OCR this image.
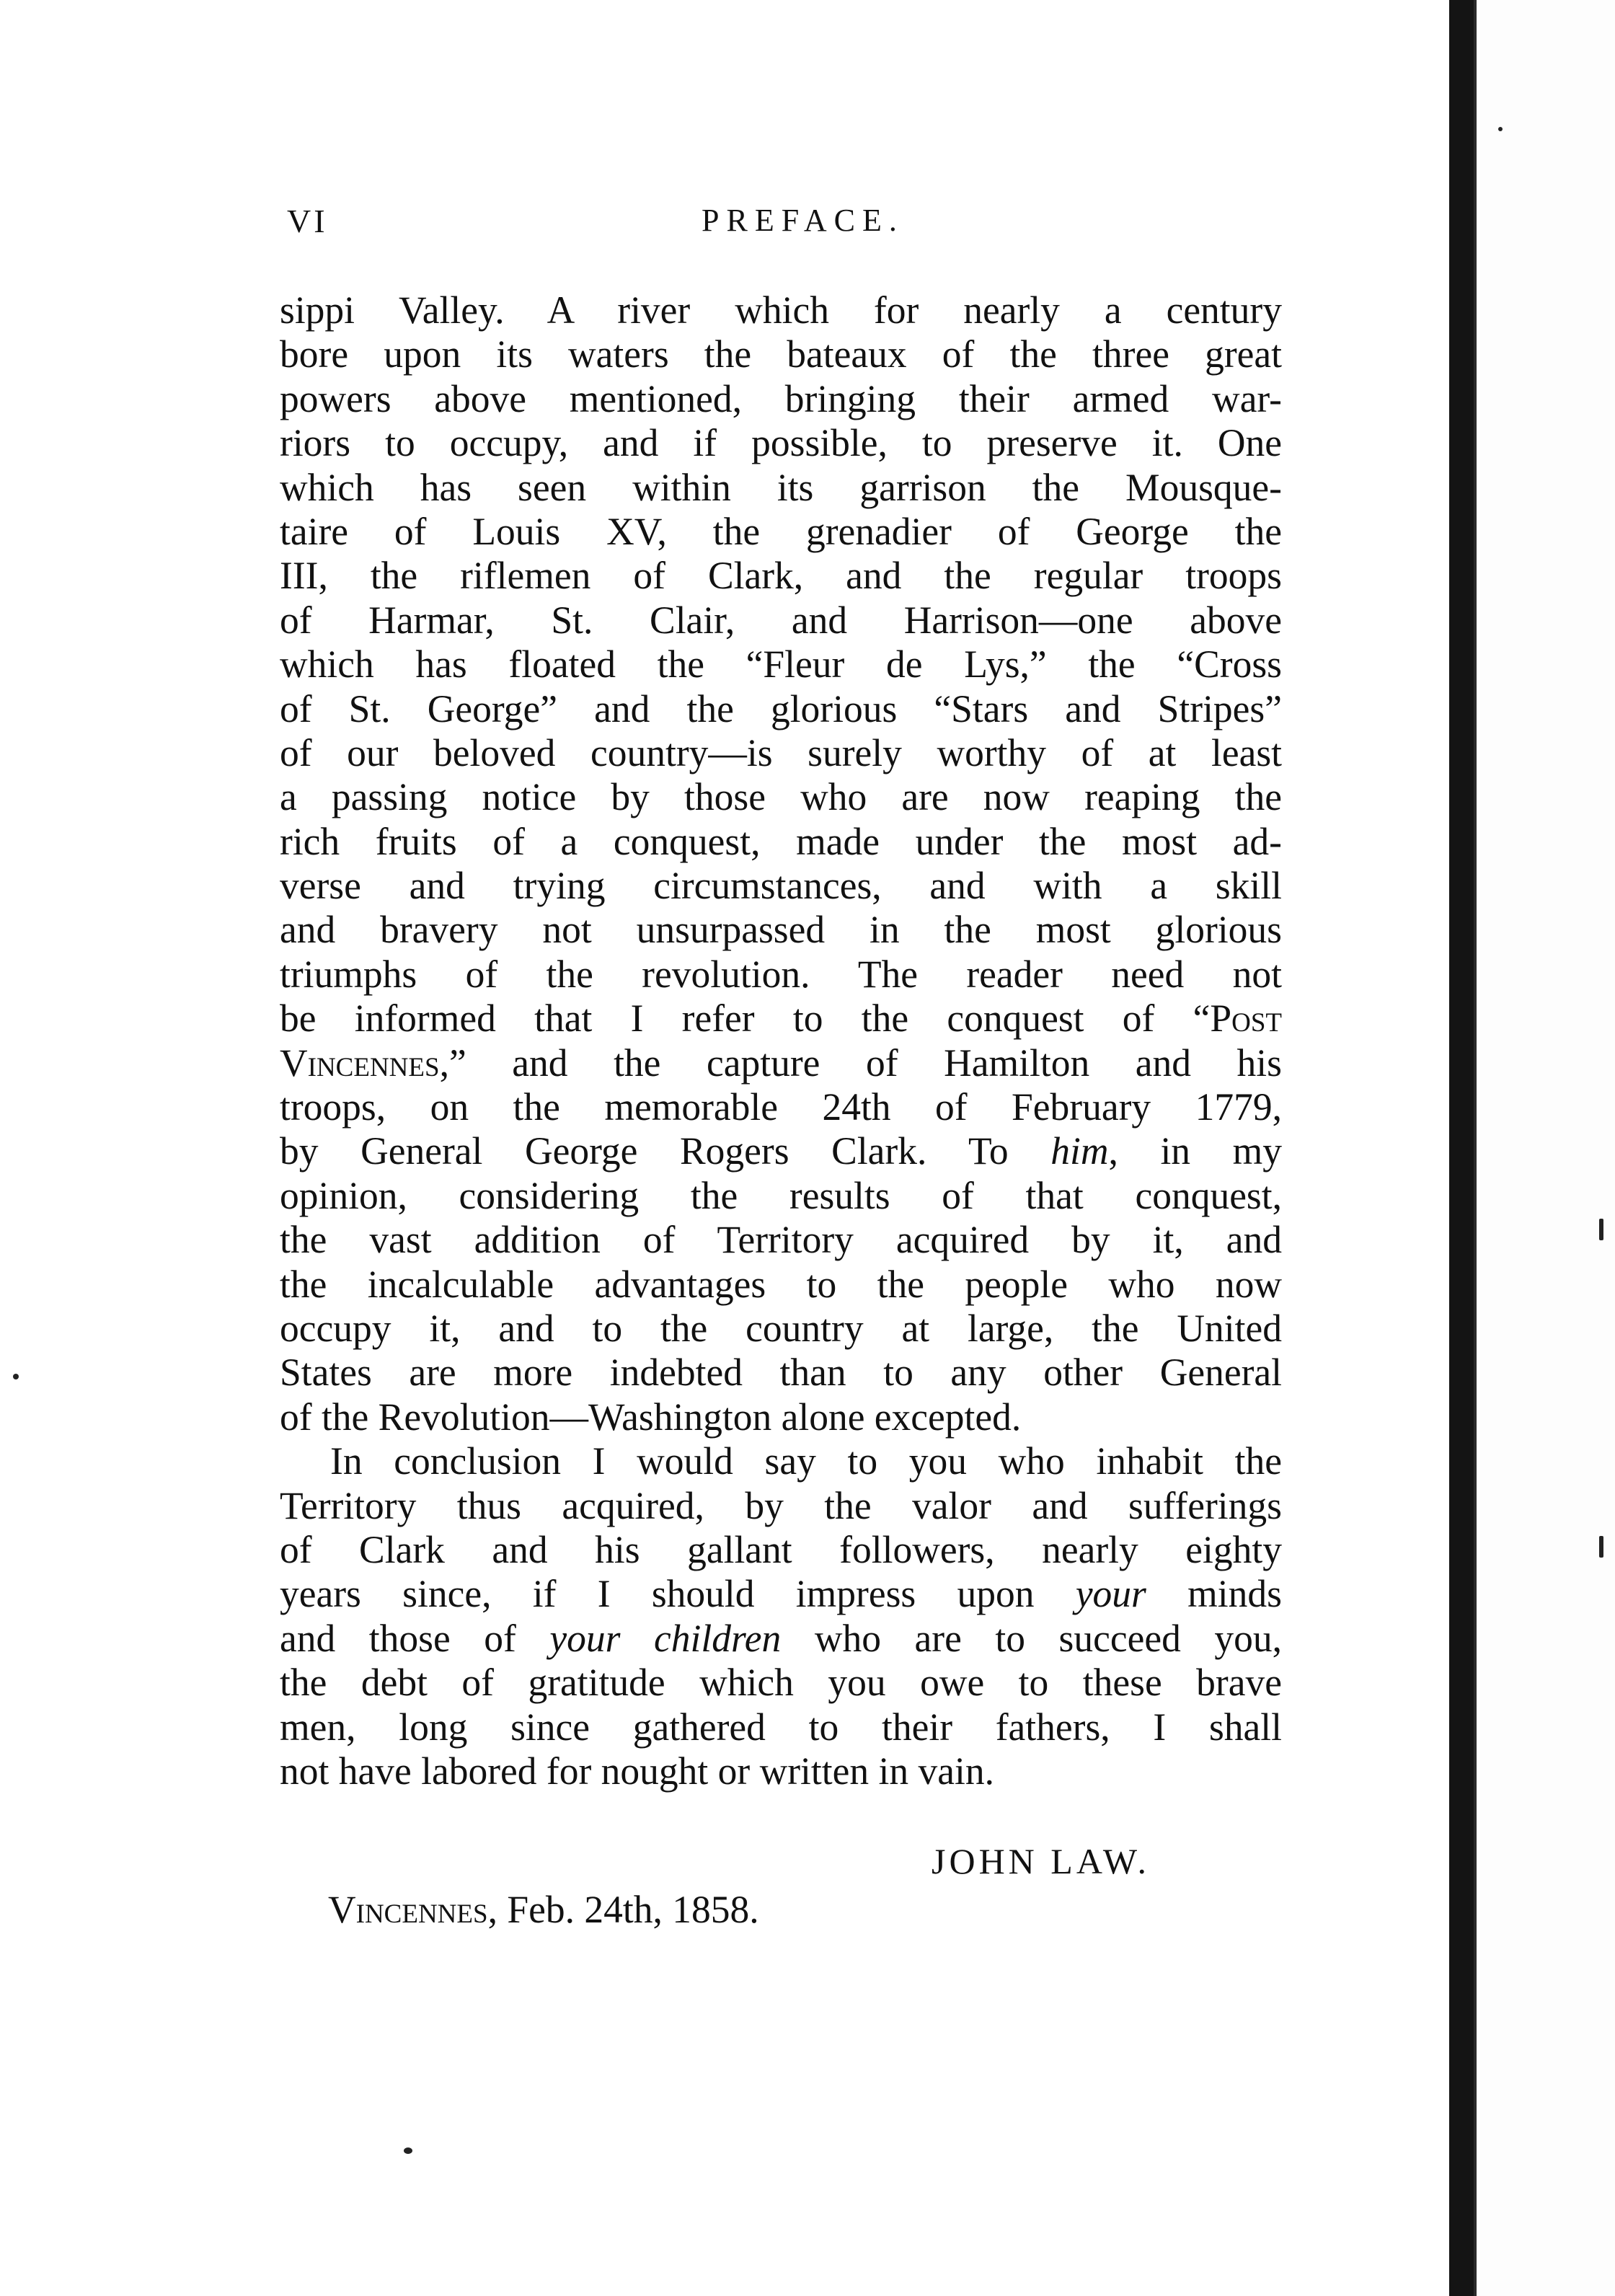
VI	PREFACE.
sippi Valley. A river which for nearly a century
bore upon its waters the bateaux of the three great
powers above mentioned, bringing their armed war-
riors to occupy, and if possible, to preserve it. One
which has seen within its garrison the Mousque-
taire of Louis XV, the grenadier of George the
III, the riflemen of Clark, and the regular troops
of Harmar, St. Clair, and Harrison—one above
which has floated the “Fleur de Lys,” the “Cross
of St. George” and the glorious “Stars and Stripes”
of our beloved country—is surely worthy of at least
a passing notice by those who are now reaping the
rich fruits of a conquest, made under the most ad-
verse and trying circumstances, and with a skill
and bravery not unsurpassed in the most glorious
triumphs of the revolution. The reader need not
be informed that I refer to the conquest of “Post
Vincennes,” and the capture of Hamilton and his
troops, on the memorable 24th of February 1779,
by General George Rogers Clark. To him, in my
opinion, considering the results of that conquest,
the vast addition of Territory acquired by it, and
the incalculable advantages to the people who now
occupy it, and to the country at large, the United
States are more indebted than to any other General
of the Revolution—Washington alone excepted.
In conclusion I would say to you who inhabit the
Territory thus acquired, by the valor and sufferings
of Clark and his gallant followers, nearly eighty
years since, if I should impress upon your minds
and those of your children who are to succeed you,
the debt of gratitude which you owe to these brave
men, long since gathered to their fathers, I shall
not have labored for nought or written in vain.
JOHN LAW.
Vincennes, Feb. 24th, 1858.
